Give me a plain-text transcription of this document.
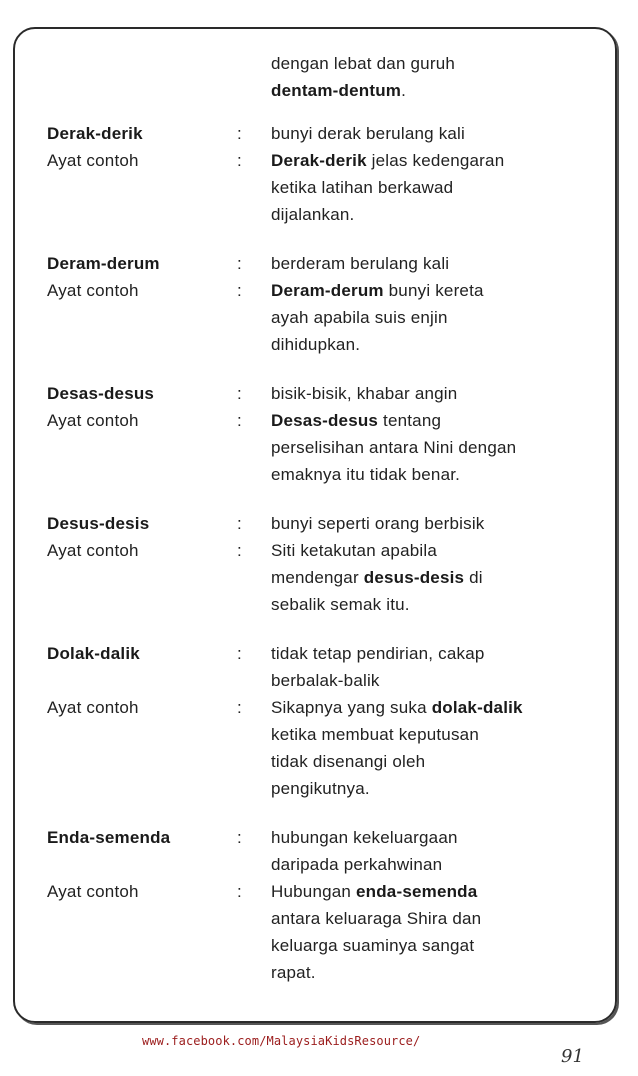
dengan lebat dan guruh
dentam-dentum.
Derak-derik	:	bunyi derak berulang kali
Ayat contoh	:	Derak-derik jelas kedengaran
ketika latihan berkawad
dijalankan.
Deram-derum	:	berderam berulang kali
Ayat contoh	:	Deram-derum bunyi kereta
ayah apabila suis enjin
dihidupkan.
Desas-desus	:	bisik-bisik, khabar angin
Ayat contoh	:	Desas-desus tentang
perselisihan antara Nini dengan
emaknya itu tidak benar.
Desus-desis	:	bunyi seperti orang berbisik
Ayat contoh	:	Siti ketakutan apabila
mendengar desus-desis di
sebalik semak itu.
Dolak-dalik	:	tidak tetap pendirian, cakap
berbalak-balik
Ayat contoh	:	Sikapnya yang suka dolak-dalik
ketika membuat keputusan
tidak disenangi oleh
pengikutnya.
Enda-semenda	:	hubungan kekeluargaan
daripada perkahwinan
Ayat contoh	:	Hubungan enda-semenda
antara keluaraga Shira dan
keluarga suaminya sangat
rapat.
www.facebook.com/MalaysiaKidsResource/
91
